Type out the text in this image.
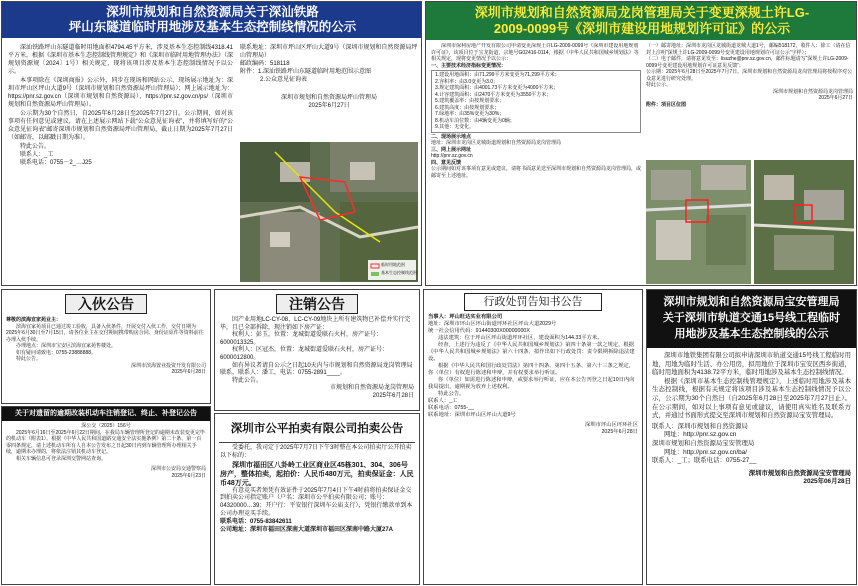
深圳市规划和自然资源局关于深汕铁路
坪山东隧道临时用地涉及基本生态控制线情况的公示

深汕铁路坪山东隧道临时用地面积4794.45平方米，涉及基本生态控制线4318.41平方米，根据《深圳市基本生态控制线管理规定》和《深圳市临时用地管理办法》（深规划资源规〔2024〕1号）相关规定，现将该项目涉及基本生态控制线情况予以公示。

本事项除在《深圳商报》公示外，同步在现场和网站公示，现场展示地址为：深圳市坪山区坪山大道9号（深圳市规划和自然资源局坪山管理局）；网上展示地址为：https://pnr.sz.gov.cn（深圳市规划和自然资源局），https://pnr.sz.gov.cn/ps/（深圳市规划和自然资源局坪山管理局）。

公示期为30个自然日，自2025年6月28日至2025年7月27日。公示期间，如对该事项有任何意见或建议，请在上述展示网站下载“公众意见征询表”，并将填写好的“公众意见征询表”邮寄深圳市规划和自然资源局坪山管理局，截止日期为2025年7月27日（如邮寄，以邮戳日期为准）。

特此公告。

联系人：_工

联系电话：0755－2_…J25

联系地址：深圳市坪山区坪山大道9号（深圳市规划和自然资源局坪山管理局）

邮政编码：518118

附件：1.深汕铁路坪山东隧道临时用地范围示意图

2.公众意见征询表

深圳市规划和自然资源局坪山管理局

2025年6月27日

临时用地范围
基本生态控制线范围
深圳市规划和自然资源局龙岗管理局关于变更深规土许LG-
2009-0099号《深圳市建设用地规划许可证》的公示

深圳市保利房地产开发有限公司申请变更深规土许LG-2009-0099号《深圳市建设用地规划许可证》，该项目位于宝龙街道，宗地号G02416-0114，根据《中华人民共和国城乡规划法》等相关规定，现将变更情况予以公示：

一、主要技术经济指标变更情况：

1.建设用地面积：由71,299平方米变更为71,299平方米；

2.容积率：由3.0变更为3.0；

3.规定建筑面积：由4001.73平方米变更为4000平方米；

4.计容建筑面积：由2470平方米变更为3550平方米；

5.建筑覆盖率：由按规划要求；

6.建筑高度：由按规划要求；

7.绿地率：由35%变更为30%；

8.机动车泊位数：由4辆变更为0辆；

9.其他：无变化。

二、现场展示地点

地址：深圳市龙岗区龙城街道规划和自然资源局龙岗管理局

三、网上展示网址

http://pnr.sz.gov.cn

四、意见反馈

公示期间如对该事项有意见或建议，请将书面意见送至深圳市规划和自然资源局龙岗管理局，或邮寄至上述地址。

（一）邮寄地址：深圳市龙岗区龙城街道龙城大道1号，邮编518172，收件人：徐工（请在信封上注明“深规土许LG-2009-0099号变更建设用地规划许可证公示”字样）；

（二）电子邮件，请将意见发至：lisuzhe@pnr.sz.gov.cn，邮件标题请写“深规土许LG-2009-0099号变更建设用地规划许可证意见反馈”；

公示期：2025年6月28日至2025年7月7日。深圳市规划和自然资源局龙岗管理局将按程序对公众意见进行研究处理。

特此公示。

深圳市规划和自然资源局龙岗管理局

2025年6月27日

附件：项目区位图

入伙公告

尊敬的滨海宜家苑业主：

滨海宜家苑项目已通过竣工验收，具备入伙条件，开展交付入伙工作，交付日期为2025年6月30日至7月15日，请各位业主在交付期间携带购房合同、身份证原件等资料前往办理入伙手续。

办理地点：深圳市宝安区滨海宜家苑售楼处。

如有疑问请致电：0755-23888888。

特此公告。

深圳市滨海置业投资开发有限公司

2025年6月28日

关于对遗留的逾期改装机动车注销登记、终止、补登记公告

深公交（2025）156号

2025年6月16日至2025年6月22日期间，在我局车辆管理所登记的逾期未改装变更完毕的机动车（附表1）。根据《中华人民共和国道路交通安全法实施条例》第二十条、第一百零四条规定，请上述机动车所有人自本公告发布之日起30日内到车辆管理所办理相关手续，逾期未办理的，将依法注销其机动车登记。

相关车辆信息可登录深圳交警网站查询。

深圳市公安局交通警察局

2025年6月23日

注销公告

因产业用地LC-CY-08、LC-CY-09地块上所有建筑物已补偿并实行完毕，且已全部拆除，现注销如下房产证：

权利人：彭玉，位置：龙城街道爱联石火村，房产证号：6000013325。

权利人：区冠杰，位置：龙城街道爱联石火村，房产证号：6000012800。

如有异议者请自公示之日起10天内与市规划和自然资源局龙岗管理局联系，联系人：潘工，电话：0755-2891____。

特此公告。

市规划和自然资源局龙岗管理局

2025年6月28日

深圳市公平拍卖有限公司拍卖公告

受委托，我司定于2025年7月7日下午3时整在本公司拍卖厅公开拍卖以下标的：

深圳市福田区八卦岭工业区商业区45栋301、304、306号房产，整体拍卖，起拍价：人民币480万元，拍卖保证金：人民币48万元。

有意竞买者须凭有效证件于2025年7月4日下午4时前将拍卖保证金交到拍卖公司指定账户（户名：深圳市公平拍卖有限公司；账号：04320000…39；开户行：平安银行深圳车公庙支行），凭银行缴款单到本公司办理竞买手续。

联系电话：0755-83842611

公司地址：深圳市福田区深南大道深圳市福田区深南中路大厦27A

行政处罚告知书公告

当事人：坪山旺达实业有限公司

地址：深圳市坪山区坪山街道坪环社区坪山大道2029号

统一社会信用代码：91440300X00000000X

违法建筑：位于坪山区坪山街道坪环社区，建设面积为144.33平方米。

经查，上述行为违反了《中华人民共和国城乡规划法》第四十条第一款之规定，根据《中华人民共和国城乡规划法》第六十四条，拟作出如下行政处罚：责令限期拆除违法建设。

根据《中华人民共和国行政处罚法》第四十四条、第四十五条、第六十三条之规定，你（单位）有权进行陈述和申辩，并有权要求举行听证。

你（单位）如需进行陈述和申辩，或要求举行听证，应在本公告刊登之日起10日内向我局提出，逾期视为放弃上述权利。

特此公告。

联系人：_工

联系电话：0755-__

联系地址：深圳市坪山区坪山大道9号

深圳市坪山区坪环社区

2025年6月28日

深圳市规划和自然资源局宝安管理局
关于深圳市轨道交通15号线工程临时
用地涉及基本生态控制线的公示

深圳市地铁集团有限公司拟申请深圳市轨道交通15号线工程临时用地，用地为临时生活、办公用房，拟用地位于深圳市宝安区西乡街道，临时用地面积为4138.72平方米，临时用地涉及基本生态控制线情况。

根据《深圳市基本生态控制线管理规定》，上述临时用地涉及基本生态控制线，根据有关规定将该项目涉及基本生态控制线情况予以公示，公示期为30个自然日（自2025年6月28日至2025年7月27日止）。在公示期间，如对以上事项有意见或建议，请使用真实姓名及联系方式，并通过书面形式提交至深圳市规划和自然资源局宝安管理局。

联系人：深圳市规划和自然资源局

网址：http://pnr.sz.gov.cn

深圳市规划和自然资源局宝安管理局

网址：http://pnr.sz.gov.cn/ba/

联系人：_工；联系电话：0755-27__

深圳市规划和自然资源局宝安管理局

2025年06月28日
